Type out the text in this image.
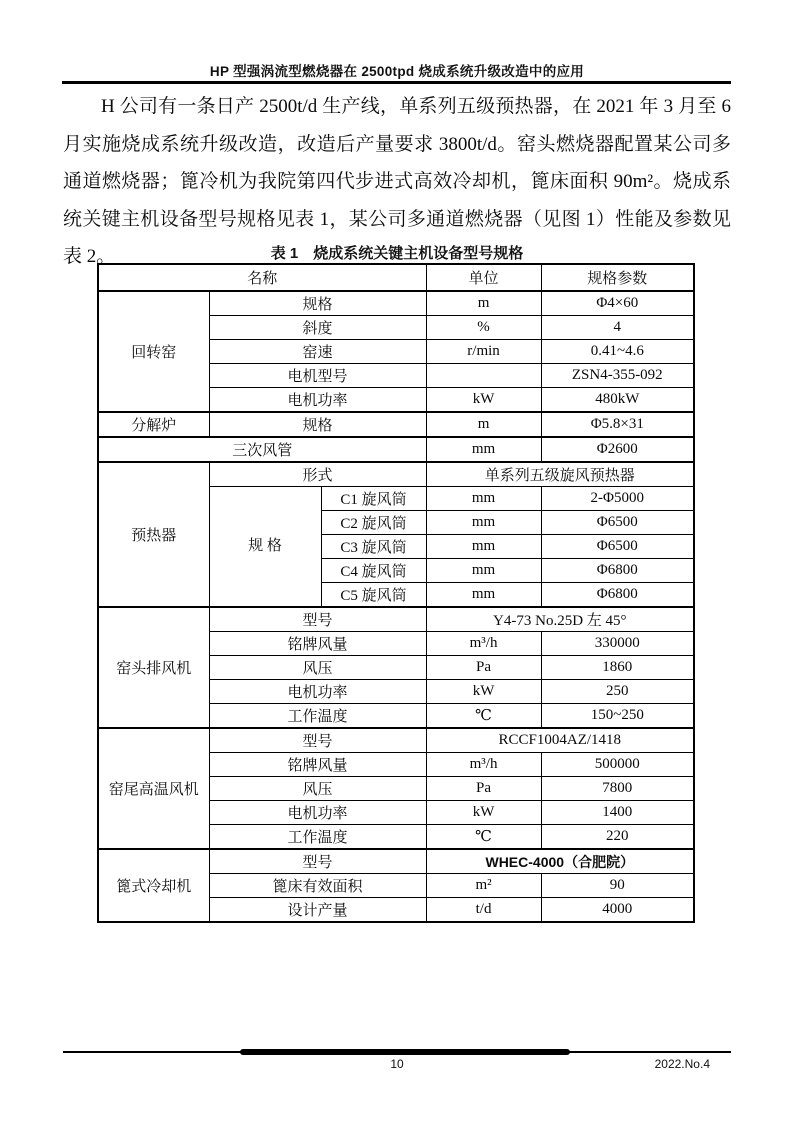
HP 型强涡流型燃烧器在 2500tpd 烧成系统升级改造中的应用

H 公司有一条日产 2500t/d 生产线，单系列五级预热器，在 2021 年 3 月至 6 月实施烧成系统升级改造，改造后产量要求 3800t/d。窑头燃烧器配置某公司多通道燃烧器；篦冷机为我院第四代步进式高效冷却机，篦床面积 90m²。烧成系统关键主机设备型号规格见表 1，某公司多通道燃烧器（见图 1）性能及参数见表 2。	表 1　烧成系统关键主机设备型号规格
名称			单位	规格参数
回转窑	规格		m	Φ4×60
	斜度		%	4
	窑速		r/min	0.41~4.6
	电机型号			ZSN4-355-092
	电机功率		kW	480kW
分解炉	规格		m	Φ5.8×31
三次风管			mm	Φ2600
预热器	形式		单系列五级旋风预热器	
	规 格	C1 旋风筒	mm	2-Φ5000
		C2 旋风筒	mm	Φ6500
		C3 旋风筒	mm	Φ6500
		C4 旋风筒	mm	Φ6800
		C5 旋风筒	mm	Φ6800
窑头排风机	型号		Y4-73 No.25D 左 45°	
	铭牌风量		m³/h	330000
	风压		Pa	1860
	电机功率		kW	250
	工作温度		℃	150~250
窑尾高温风机	型号		RCCF1004AZ/1418	
	铭牌风量		m³/h	500000
	风压		Pa	7800
	电机功率		kW	1400
	工作温度		℃	220
篦式冷却机	型号		WHEC-4000（合肥院）	
	篦床有效面积		m²	90
	设计产量		t/d	4000
10	2022.No.4
